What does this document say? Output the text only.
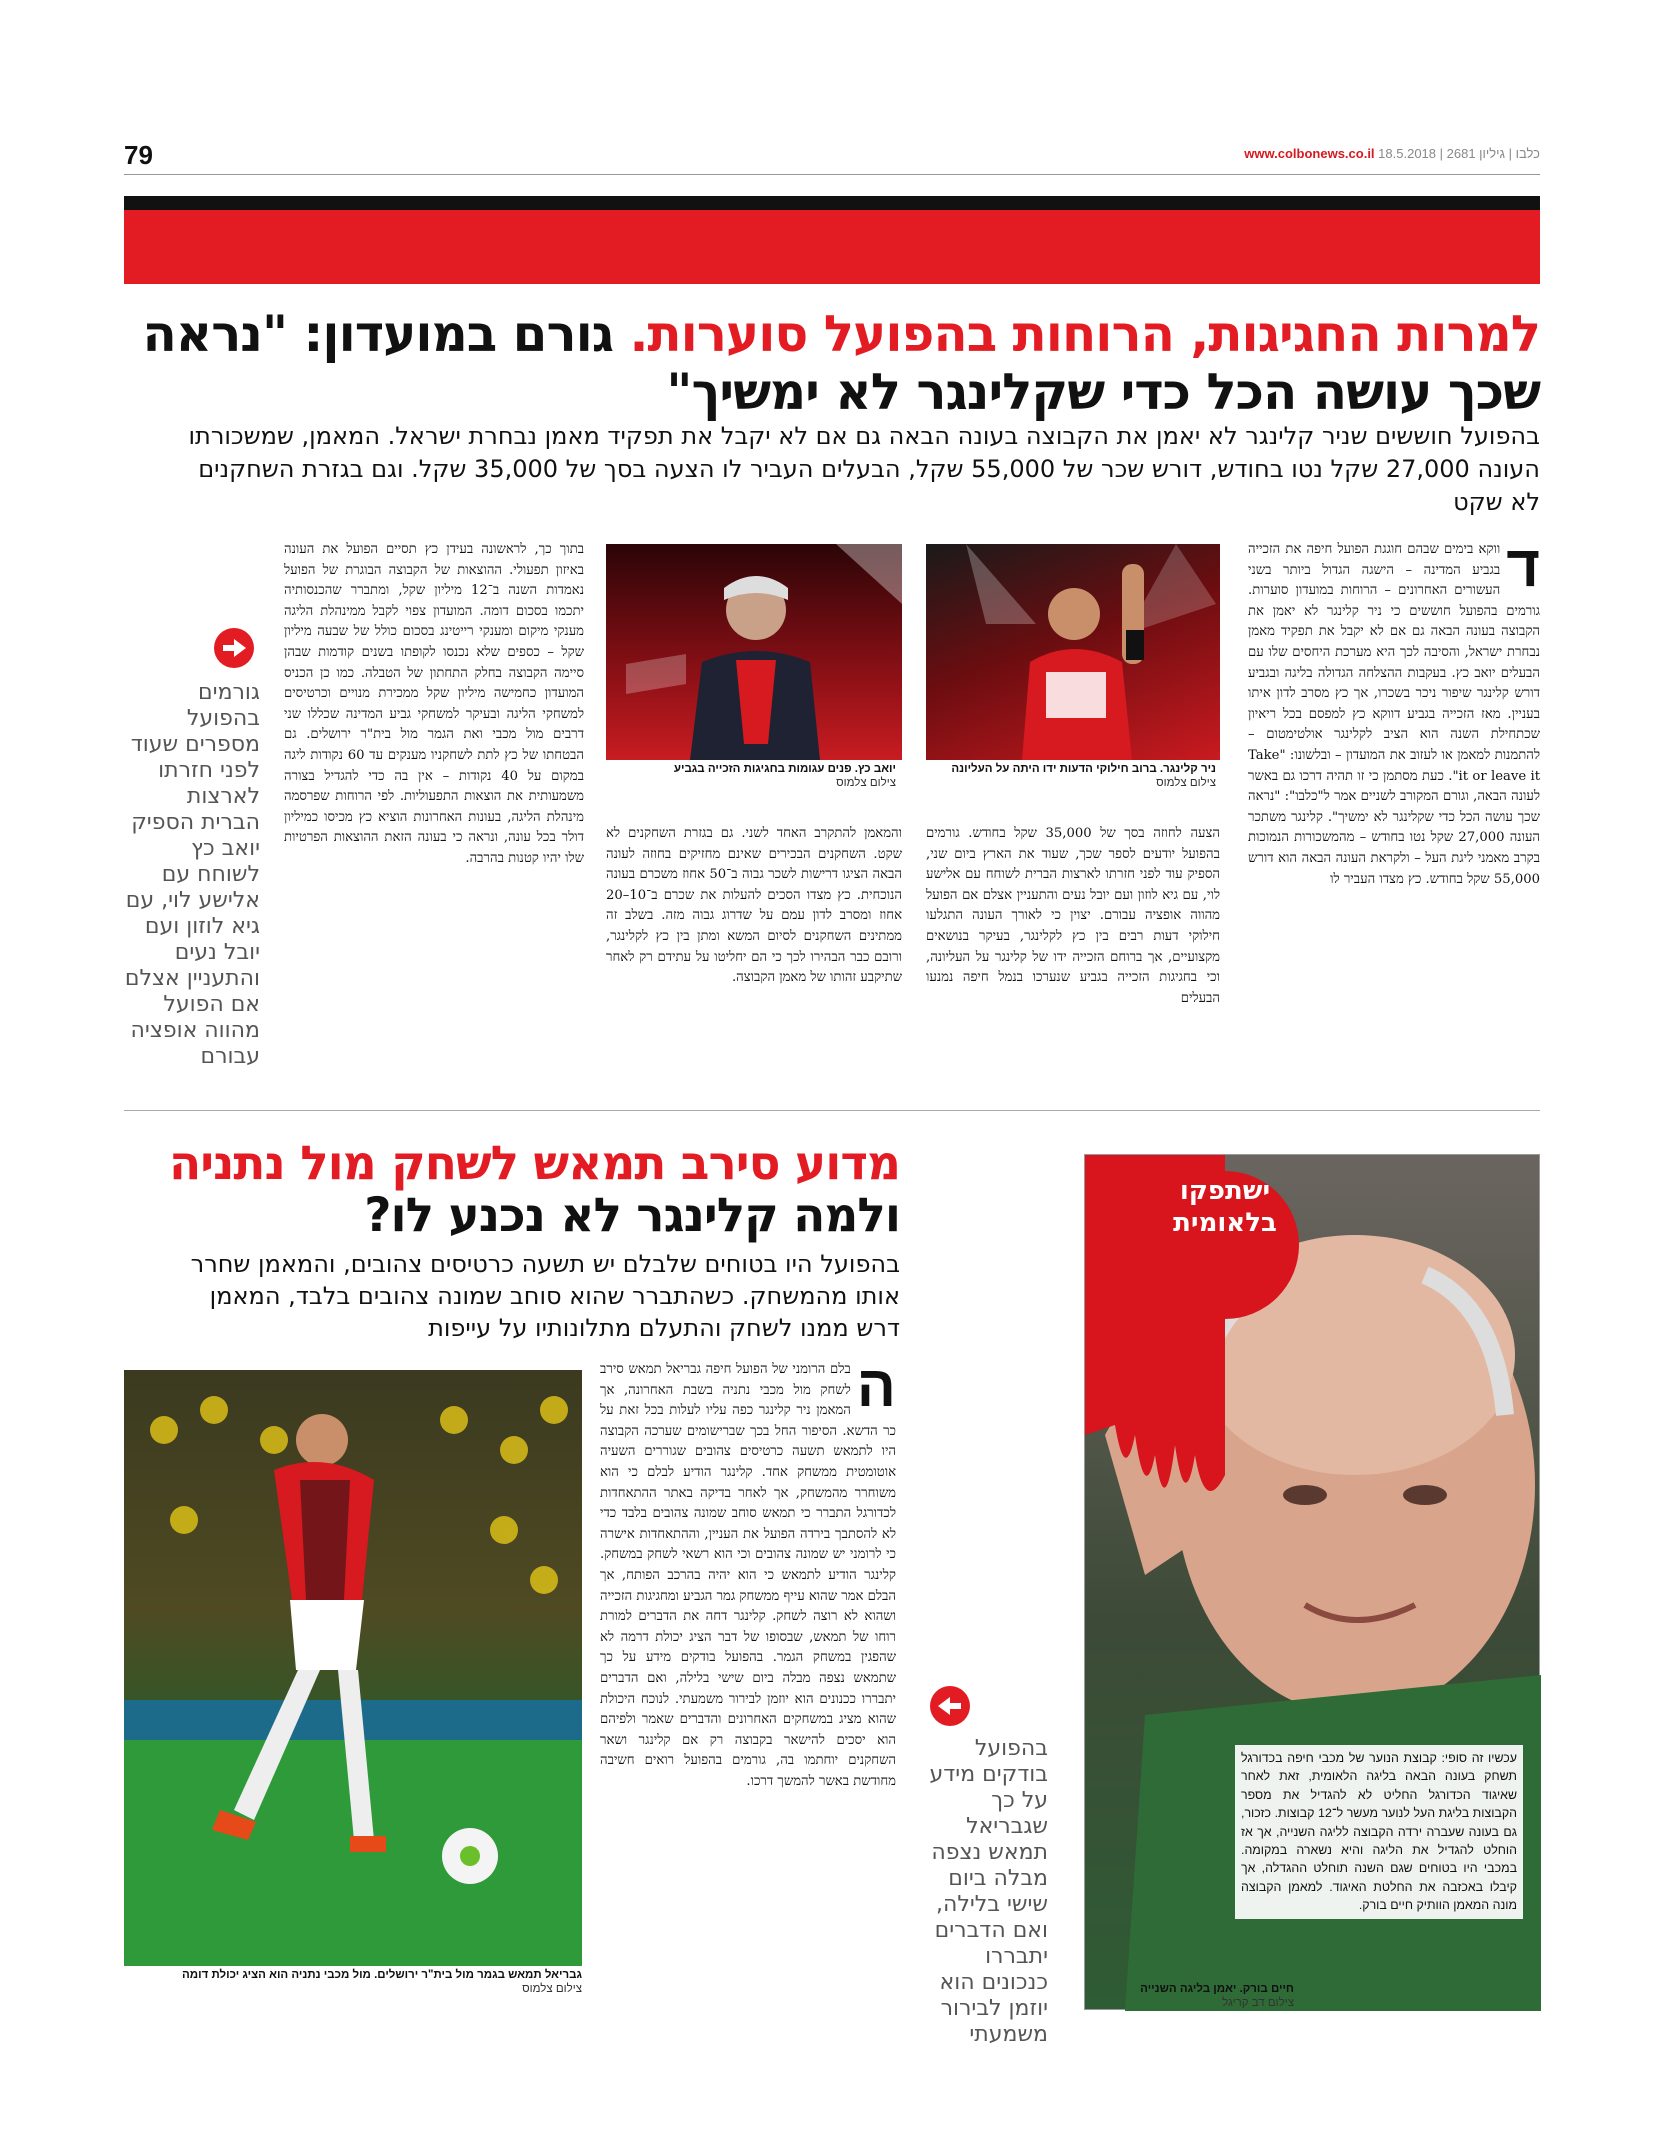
79	www.colbonews.co.il כלבו | גיליון 2681 | 18.5.2018
למרות החגיגות, הרוחות בהפועל סוערות. גורם במועדון: "נראה שכך עושה הכל כדי שקלינגר לא ימשיך"
בהפועל חוששים שניר קלינגר לא יאמן את הקבוצה בעונה הבאה גם אם לא יקבל את תפקיד מאמן נבחרת ישראל. המאמן, שמשכורתו העונה 27,000 שקל נטו בחודש, דורש שכר של 55,000 שקל, הבעלים העביר לו הצעה בסך של 35,000 שקל. וגם בגזרת השחקנים לא שקט
ד
ווקא בימים שבהם חוגגת הפועל חיפה את הזכייה בגביע המדינה – הישגה הגדול ביותר בשני העשורים האחרונים – הרוחות במועדון סוערות. גורמים בהפועל חוששים כי ניר קלינגר לא יאמן את הקבוצה בעונה הבאה גם אם לא יקבל את תפקיד מאמן נבחרת ישראל, והסיבה לכך היא מערכת היחסים שלו עם הבעלים יואב כץ. בעקבות ההצלחה הגדולה בליגה ובגביע דורש קלינגר שיפור ניכר בשכרו, אך כץ מסרב לדון איתו בעניין. מאז הזכייה בגביע דווקא כץ למפסם בכל ריאיון שכתחילת השנה הוא הציב לקלינגר אולטימטום – להתמנות למאמן או לעזוב את המועדון – ובלשונו: "Take it or leave it". כעת מסתמן כי זו תהיה דרכו גם באשר לעונה הבאה, וגורם המקורב לשניים אמר ל"כלבו": "נראה שכך עושה הכל כדי שקלינגר לא ימשיך". קלינגר משתכר העונה 27,000 שקל נטו בחודש – מהמשכורות הנמוכות בקרב מאמני ליגת העל – ולקראת העונה הבאה הוא דורש 55,000 שקל בחודש. כץ מצדו העביר לו
ניר קלינגר. ברוב חילוקי הדעות ידו היתה על העליונה
צילום צלמוס
יואב כץ. פנים עגומות בחגיגות הזכייה בגביע
צילום צלמוס
הצעה לחוזה בסך של 35,000 שקל בחודש. גורמים בהפועל יודעים לספר שכך, שעוד את הארץ ביום שני, הספיק עוד לפני חזרתו לארצות הברית לשוחח עם אלישע לוי, עם גיא לוזון ועם יובל נעים והתעניין אצלם אם הפועל מהווה אופציה עבורם. יצוין כי לאורך העונה התגלעו חילוקי דעות רבים בין כץ לקלינגר, בעיקר בנושאים מקצועיים, אך ברוחם הזכייה ידו של קלינגר על העליונה, וכי בחגיגות הזכייה בגביע שנערכו בנמל חיפה נמנעו הבעלים
והמאמן להתקרב האחד לשני. גם בגזרת השחקנים לא שקט. השחקנים הבכירים שאינם מחזיקים בחוזה לעונה הבאה הציגו דרישות לשכר גבוה ב־50 אחוז משכרם בעונה הנוכחית. כץ מצדו הסכים להעלות את שכרם ב־10–20 אחוז ומסרב לדון עמם על שדרוג גבוה מזה. בשלב זה ממתינים השחקנים לסיום המשא ומתן בין כץ לקלינגר, ורובם כבר הבהירו לכך כי הם יחליטו על עתידם רק לאחר שתיקבע זהותו של מאמן הקבוצה.
בתוך כך, לראשונה בעידן כץ תסיים הפועל את העונה באיזון תפעולי. ההוצאות של הקבוצה הבוגרת של הפועל נאמדות השנה ב־12 מיליון שקל, ומתברר שהכנסותיה יתכמו בסכום דומה. המועדון צפוי לקבל ממינהלת הליגה מענקי מיקום ומענקי רייטינג בסכום כולל של שבעה מיליון שקל – כספים שלא נכנסו לקופתו בשנים קודמות שבהן סיימה הקבוצה בחלק התחתון של הטבלה. כמו כן הכניס המועדון כחמישה מיליון שקל ממכירת מנויים וכרטיסים למשחקי הליגה ובעיקר למשחקי גביע המדינה שכללו שני דרבים מול מכבי ואת הגמר מול בית"ר ירושלים. גם הבטחתו של כץ לתת לשחקניו מענקים עד 60 נקודות ליגה במקום על 40 נקודות – אין בה כדי להגדיל בצורה משמעותית את הוצאות התפעוליות. לפי הרוחות שפרסמה מינהלת הליגה, בעונות האחרונות הוציא כץ מכיסו כמיליון דולר בכל עונה, ונראה כי בעונה הזאת ההוצאות הפרטיות שלו יהיו קטנות בהרבה.
גורמים בהפועל מספרים שעוד לפני חזרתו לארצות הברית הספיק יואב כץ לשוחח עם אלישע לוי, עם גיא לוזון ועם יובל נעים והתעניין אצלם אם הפועל מהווה אופציה עבורם
מדוע סירב תמאש לשחק מול נתניה
ולמה קלינגר לא נכנע לו?
בהפועל היו בטוחים שלבלם יש תשעה כרטיסים צהובים, והמאמן שחרר אותו מהמשחק. כשהתברר שהוא סוחב שמונה צהובים בלבד, המאמן דרש ממנו לשחק והתעלם מתלונותיו על עייפות
ה
בלם הרומני של הפועל חיפה גבריאל תמאש סירב לשחק מול מכבי נתניה בשבת האחרונה, אך המאמן ניר קלינגר כפה עליו לעלות בכל זאת על כר הדשא. הסיפור החל בכך שברישומים שערכה הקבוצה היו לתמאש תשעה כרטיסים צהובים שגוררים השעיה אוטומטית ממשחק אחד. קלינגר הודיע לבלם כי הוא משוחרר מהמשחק, אך לאחר בדיקה באתר ההתאחדות לכדורגל התברר כי תמאש סוחב שמונה צהובים בלבד כדי לא להסתבך בירדה הפועל את העניין, וההתאחדות אישרה כי לרומני יש שמונה צהובים וכי הוא רשאי לשחק במשחק. קלינגר הודיע לתמאש כי הוא יהיה בהרכב הפותח, אך הבלם אמר שהוא עייף ממשחק גמר הגביע ומחגיגות הזכייה ושהוא לא רוצה לשחק. קלינגר דחה את הדברים למורת רוחו של תמאש, שבסופו של דבר הציג יכולת דרמה לא שהפגין במשחק הגמר. בהפועל בודקים מידע על כך שתמאש נצפה מבלה ביום שישי בלילה, ואם הדברים יתבררו ככנונים הוא יוזמן לבירור משמעתי. לנוכח היכולת שהוא מציג במשחקים האחרונים והדברים שאמר ולפיהם הוא יסכים להישאר בקבוצה רק אם קלינגר ושאר השחקנים יוחתמו בה, גורמים בהפועל רואים חשיבה מחודשת באשר להמשך דרכו.
גבריאל תמאש בגמר מול בית"ר ירושלים. מול מכבי נתניה הוא הציג יכולת דומה
צילום צלמוס
בהפועל בודקים מידע על כך שגבריאל תמאש נצפה מבלה ביום שישי בלילה, ואם הדברים יתבררו כנכונים הוא יוזמן לבירור משמעתי
ישתפקו בלאומית
עכשיו זה סופי: קבוצת הנוער של מכבי חיפה בכדורגל תשחק בעונה הבאה בליגה הלאומית, זאת לאחר שאיגוד הכדורגל החליט לא להגדיל את מספר הקבוצות בליגת העל לנוער מעשר ל־12 קבוצות. כזכור, גם בעונה שעברה ירדה הקבוצה לליגה השנייה, אך אז הוחלט להגדיל את הליגה והיא נשארה במקומה. במכבי היו בטוחים שגם השנה תוחלט ההגדלה, אך קיבלו באכזבה את החלטת האיגוד. למאמן הקבוצה מונה המאמן הוותיק חיים בורק.
חיים בורק. יאמן בליגה השנייה
צילום דב קריגל
